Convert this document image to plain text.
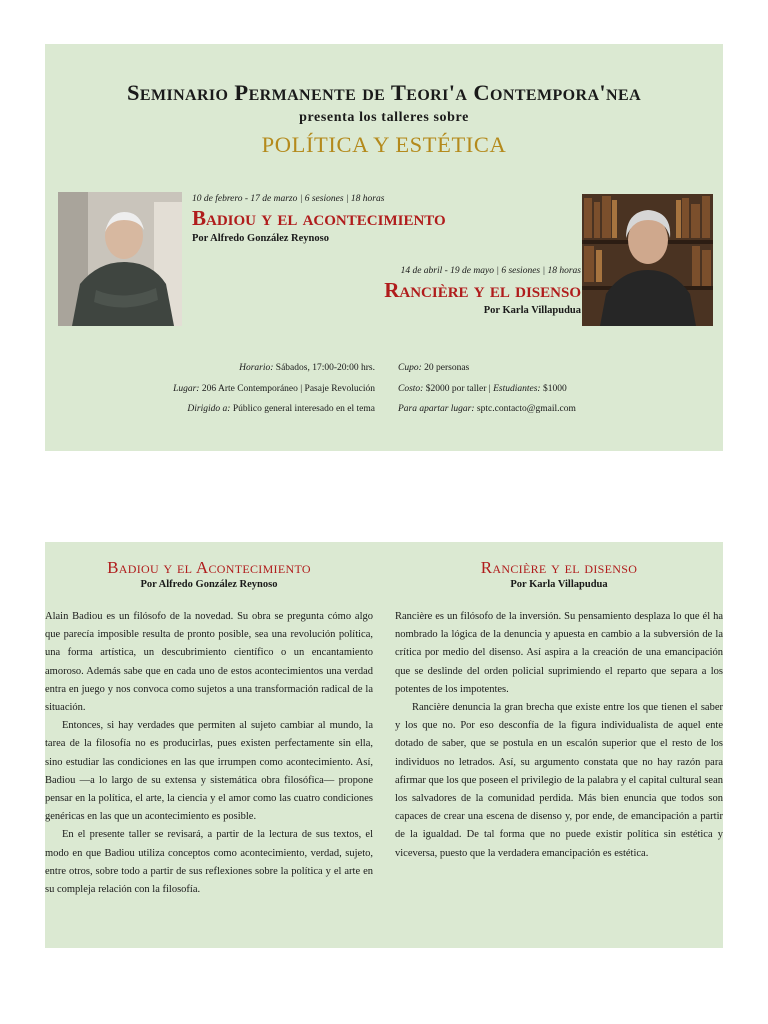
Seminario Permanente de Teori'a Contempora'nea
presenta los talleres sobre
POLÍTICA Y ESTÉTICA
10 de febrero - 17 de marzo | 6 sesiones | 18 horas
Badiou y el acontecimiento
Por Alfredo González Reynoso
14 de abril - 19 de mayo | 6 sesiones | 18 horas
Rancière y el disenso
Por Karla Villapudua
Horario: Sábados, 17:00-20:00 hrs.
Lugar: 206 Arte Contemporáneo | Pasaje Revolución
Dirigido a: Público general interesado en el tema
Cupo: 20 personas
Costo: $2000 por taller | Estudiantes: $1000
Para apartar lugar: sptc.contacto@gmail.com
Badiou y el Acontecimiento
Por Alfredo González Reynoso

Alain Badiou es un filósofo de la novedad. Su obra se pregunta cómo algo que parecía imposible resulta de pronto posible, sea una revolución política, una forma artística, un descubrimiento científico o un encantamiento amoroso. Además sabe que en cada uno de estos acontecimientos una verdad entra en juego y nos convoca como sujetos a una transformación radical de la situación.

Entonces, si hay verdades que permiten al sujeto cambiar al mundo, la tarea de la filosofía no es producirlas, pues existen perfectamente sin ella, sino estudiar las condiciones en las que irrumpen como acontecimiento. Así, Badiou —a lo largo de su extensa y sistemática obra filosófica— propone pensar en la política, el arte, la ciencia y el amor como las cuatro condiciones genéricas en las que un acontecimiento es posible.

En el presente taller se revisará, a partir de la lectura de sus textos, el modo en que Badiou utiliza conceptos como acontecimiento, verdad, sujeto, entre otros, sobre todo a partir de sus reflexiones sobre la política y el arte en su compleja relación con la filosofía.

Rancière y el disenso
Por Karla Villapudua

Rancière es un filósofo de la inversión. Su pensamiento desplaza lo que él ha nombrado la lógica de la denuncia y apuesta en cambio a la subversión de la crítica por medio del disenso. Así aspira a la creación de una emancipación que se deslinde del orden policial suprimiendo el reparto que separa a los potentes de los impotentes.

Rancière denuncia la gran brecha que existe entre los que tienen el saber y los que no. Por eso desconfía de la figura individualista de aquel ente dotado de saber, que se postula en un escalón superior que el resto de los individuos no letrados. Así, su argumento constata que no hay razón para afirmar que los que poseen el privilegio de la palabra y el capital cultural sean los salvadores de la comunidad perdida. Más bien enuncia que todos son capaces de crear una escena de disenso y, por ende, de emancipación a partir de la igualdad. De tal forma que no puede existir política sin estética y viceversa, puesto que la verdadera emancipación es estética.
